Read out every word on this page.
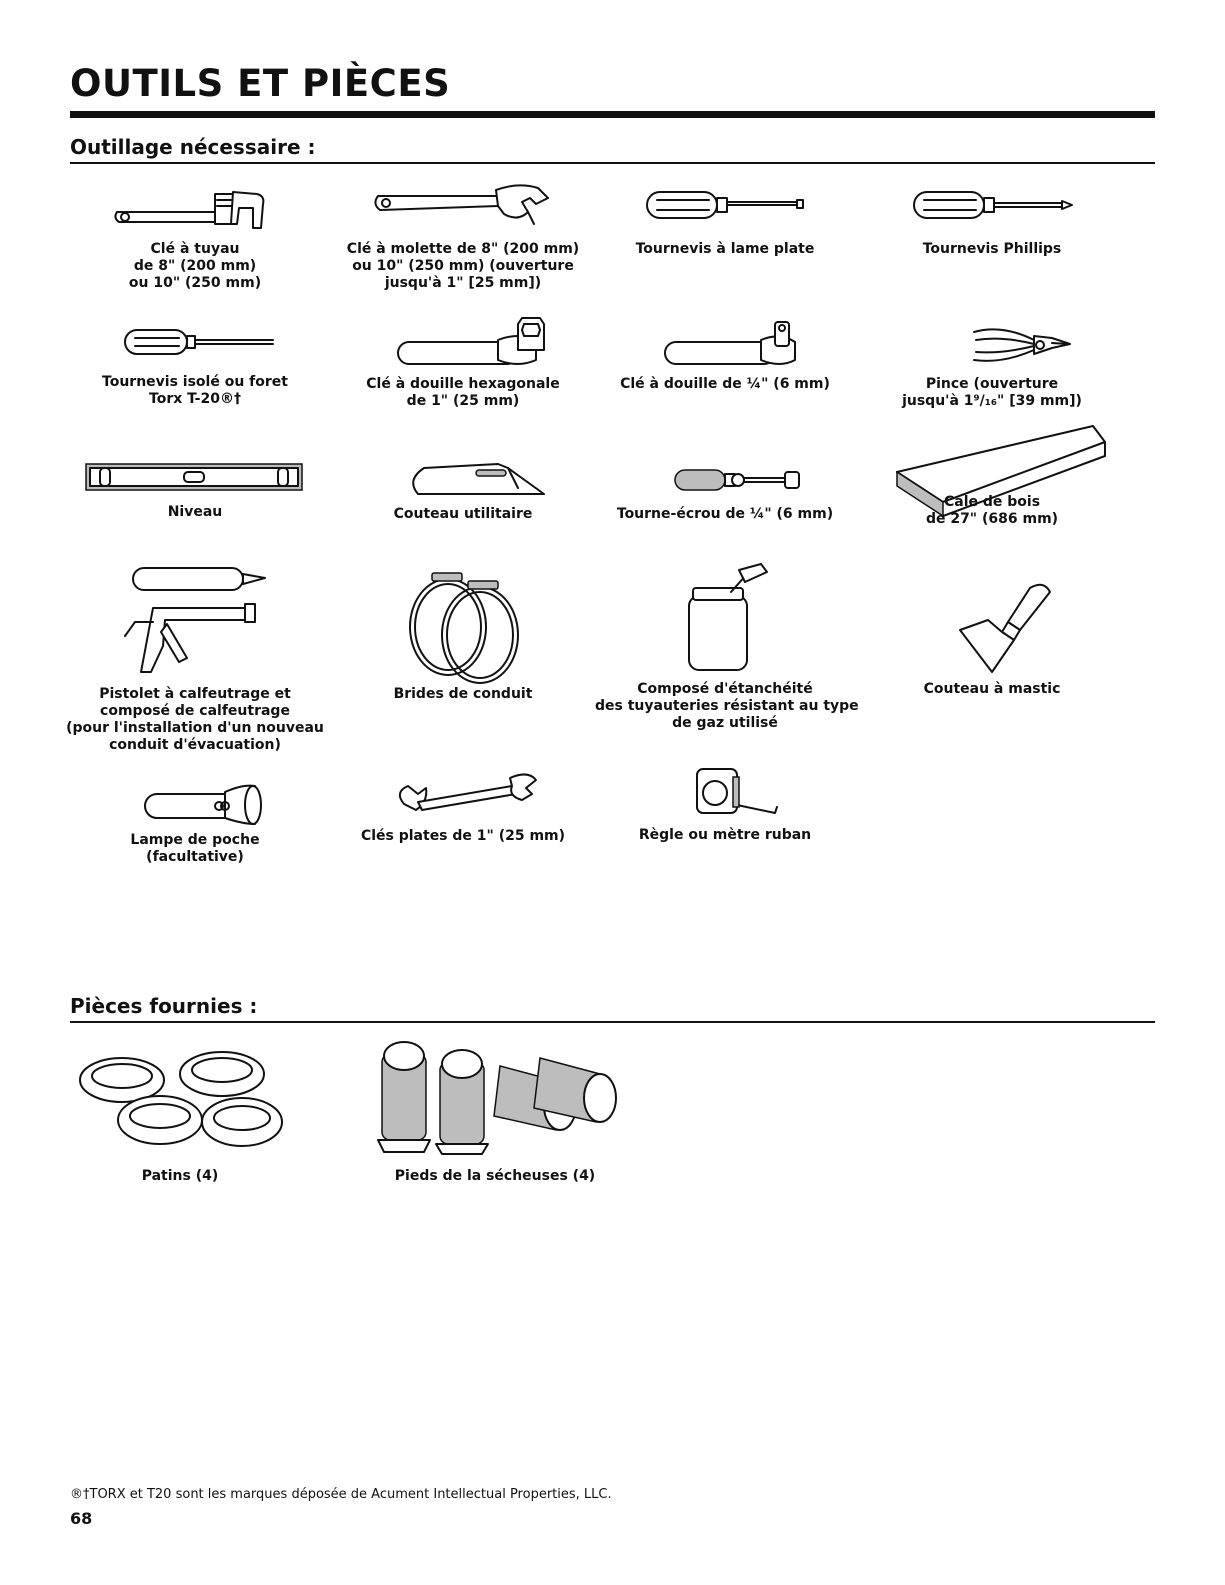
OUTILS ET PIÈCES
Outillage nécessaire :
Clé à tuyau
de 8" (200 mm)
ou 10" (250 mm)
Clé à molette de 8" (200 mm)
ou 10" (250 mm) (ouverture
jusqu'à 1" [25 mm])
Tournevis à lame plate	Tournevis Phillips
Tournevis isolé ou foret
Torx T-20®†
Clé à douille hexagonale
de 1" (25 mm)
Clé à douille de ¼" (6 mm)	Pince (ouverture
jusqu'à 1⁹/₁₆" [39 mm])
Niveau	Couteau utilitaire	Tourne-écrou de ¼" (6 mm)
Cale de bois
de 27" (686 mm)
Pistolet à calfeutrage et
composé de calfeutrage
(pour l'installation d'un nouveau
conduit d'évacuation)
Brides de conduit	Composé d'étanchéité
des tuyauteries résistant au type
de gaz utilisé
Couteau à mastic
Lampe de poche
(facultative)
Clés plates de 1" (25 mm)	Règle ou mètre ruban
Pièces fournies :
Patins (4)	Pieds de la sécheuses (4)
®†TORX et T20 sont les marques déposée de Acument Intellectual Properties, LLC.
68
